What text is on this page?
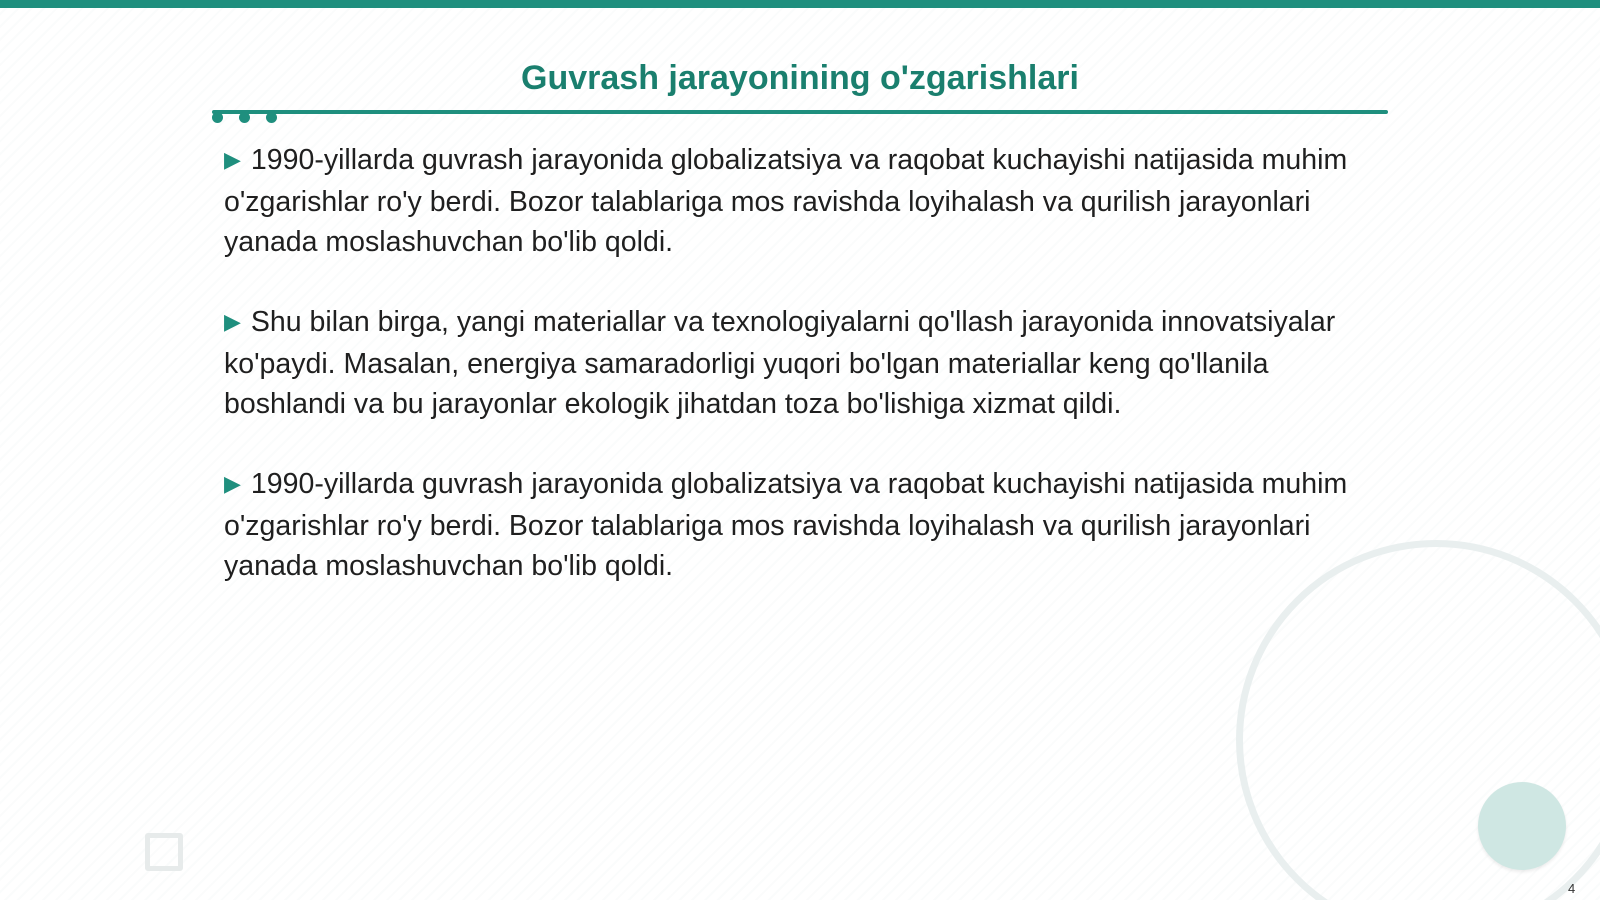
Guvrash jarayonining o'zgarishlari

▶ 1990-yillarda guvrash jarayonida globalizatsiya va raqobat kuchayishi natijasida muhim o'zgarishlar ro'y berdi. Bozor talablariga mos ravishda loyihalash va qurilish jarayonlari yanada moslashuvchan bo'lib qoldi.

▶ Shu bilan birga, yangi materiallar va texnologiyalarni qo'llash jarayonida innovatsiyalar ko'paydi. Masalan, energiya samaradorligi yuqori bo'lgan materiallar keng qo'llanila boshlandi va bu jarayonlar ekologik jihatdan toza bo'lishiga xizmat qildi.

▶ 1990-yillarda guvrash jarayonida globalizatsiya va raqobat kuchayishi natijasida muhim o'zgarishlar ro'y berdi. Bozor talablariga mos ravishda loyihalash va qurilish jarayonlari yanada moslashuvchan bo'lib qoldi.

4
